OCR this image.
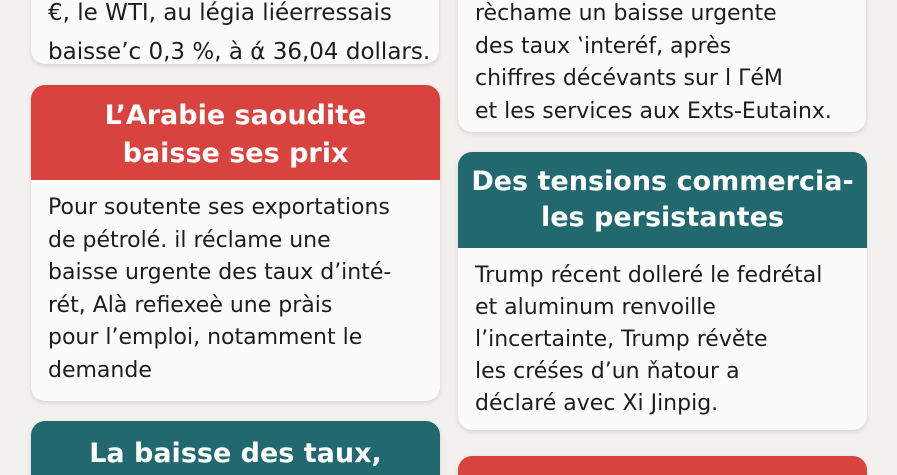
€, le WTI, au légia liéerressais
baisse’c 0,3 %, à ά 36,04 dollars.
L’Arabie saoudite
baisse ses prix
Pour soutente ses exportations
de pétrolé. il réclame une
baisse urgente des taux d’inté-
rét, Alà refiexeè une pràis
pour l’emploi, notamment le
demande
La baisse des taux,
rèchame un baisse urgente
des taux ‛interéf, après
chiffres décévants sur l ΓéM
et les services aux Exts-Eutainx.
Des tensions commercia-
les persistantes
Trump récent dolleré le fedrétal
et aluminum renvoille
l’incertainte, Trump révěte
les créśes d’un ňatour a
déclaré avec Xi Jinpig.
